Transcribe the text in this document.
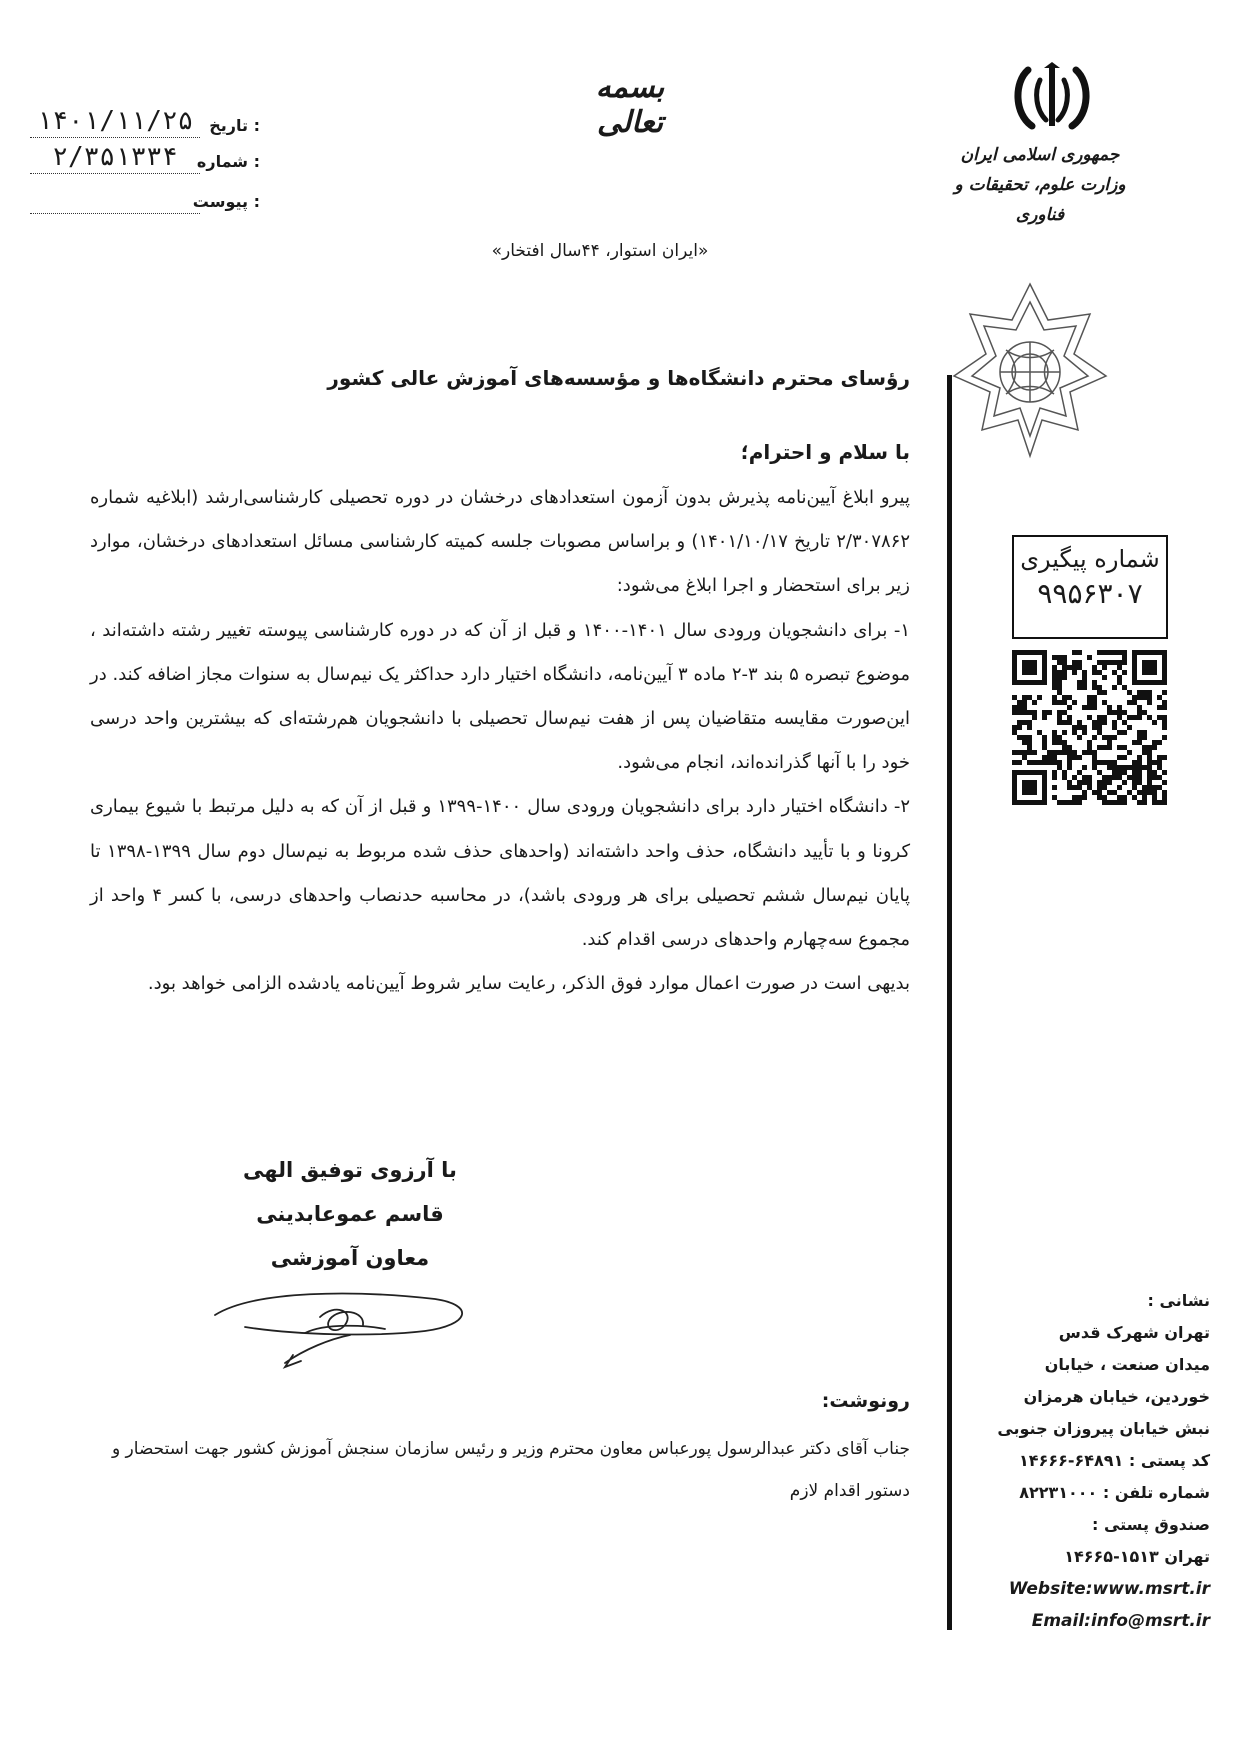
بسمه تعالی
تاریخ :
۱۴۰۱/۱۱/۲۵
شماره :
۲/۳۵۱۳۳۴
پیوست :
جمهوری اسلامی ایران
وزارت علوم، تحقیقات و فناوری
«ایران استوار، ۴۴سال افتخار»
رؤسای محترم دانشگاه‌ها و مؤسسه‌های آموزش عالی کشور
با سلام و احترام؛

پیرو ابلاغ آیین‌نامه پذیرش بدون آزمون استعدادهای درخشان در دوره تحصیلی کارشناسی‌ارشد (ابلاغیه شماره ۲/۳۰۷۸۶۲ تاریخ ۱۴۰۱/۱۰/۱۷) و براساس مصوبات جلسه کمیته کارشناسی مسائل استعدادهای درخشان، موارد زیر برای استحضار و اجرا ابلاغ می‌شود:

۱- برای دانشجویان ورودی سال ۱۴۰۱-۱۴۰۰ و قبل از آن که در دوره کارشناسی پیوسته تغییر رشته داشته‌اند ، موضوع تبصره ۵ بند ۳-۲ ماده ۳ آیین‌نامه، دانشگاه اختیار دارد حداکثر یک نیم‌سال به سنوات مجاز اضافه کند. در این‌صورت مقایسه متقاضیان پس از هفت نیم‌سال تحصیلی با دانشجویان هم‌رشته‌ای که بیشترین واحد درسی خود را با آنها گذرانده‌اند، انجام می‌شود.

۲- دانشگاه اختیار دارد برای دانشجویان ورودی سال ۱۴۰۰-۱۳۹۹ و قبل از آن که به دلیل مرتبط با شیوع بیماری کرونا و با تأیید دانشگاه، حذف واحد داشته‌اند (واحدهای حذف شده مربوط به نیم‌سال دوم سال ۱۳۹۹-۱۳۹۸ تا پایان نیم‌سال ششم تحصیلی برای هر ورودی باشد)، در محاسبه حدنصاب واحدهای درسی، با کسر ۴ واحد از مجموع سه‌چهارم واحدهای درسی اقدام کند.

بدیهی است در صورت اعمال موارد فوق الذکر، رعایت سایر شروط آیین‌نامه یادشده الزامی خواهد بود.

شماره پیگیری
۹۹۵۶۳۰۷
با آرزوی توفیق الهی
قاسم عموعابدینی
معاون آموزشی
رونوشت:
جناب آقای دکتر عبدالرسول پورعباس معاون محترم وزیر و رئیس سازمان سنجش آموزش کشور جهت استحضار و دستور اقدام لازم
نشانی :
تهران شهرک قدس
میدان صنعت ، خیابان
خوردین، خیابان هرمزان
نبش خیابان پیروزان جنوبی
کد پستی : ۶۴۸۹۱-۱۴۶۶۶
شماره تلفن : ۸۲۲۳۱۰۰۰
صندوق پستی :
تهران ۱۵۱۳-۱۴۶۶۵
Website:www.msrt.ir
Email:info@msrt.ir
